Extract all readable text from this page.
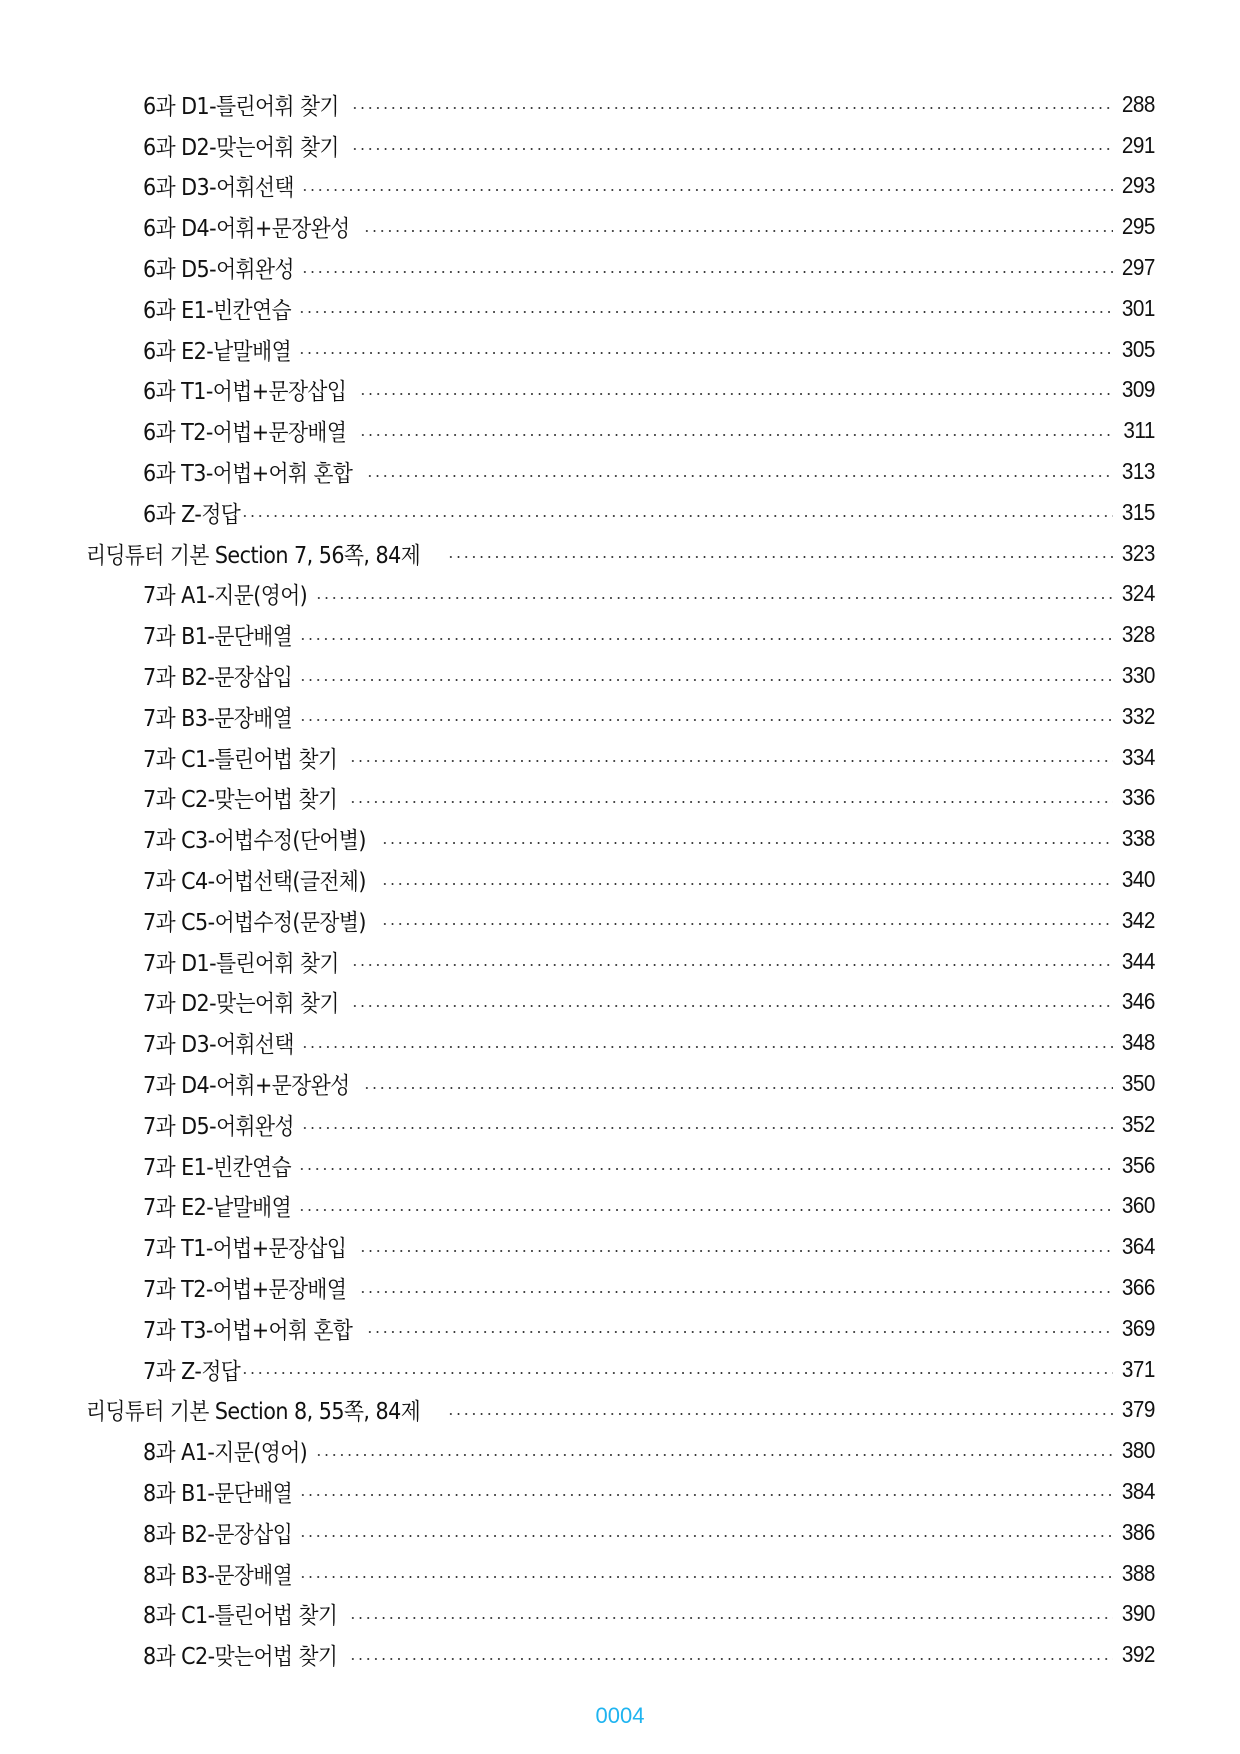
6과 D1-틀린어휘 찾기	288
6과 D2-맞는어휘 찾기	291
6과 D3-어휘선택	293
6과 D4-어휘+문장완성	295
6과 D5-어휘완성	297
6과 E1-빈칸연습	301
6과 E2-낱말배열	305
6과 T1-어법+문장삽입	309
6과 T2-어법+문장배열	311
6과 T3-어법+어휘 혼합	313
6과 Z-정답	315
리딩튜터 기본 Section 7, 56쪽, 84제	323
7과 A1-지문(영어)	324
7과 B1-문단배열	328
7과 B2-문장삽입	330
7과 B3-문장배열	332
7과 C1-틀린어법 찾기	334
7과 C2-맞는어법 찾기	336
7과 C3-어법수정(단어별)	338
7과 C4-어법선택(글전체)	340
7과 C5-어법수정(문장별)	342
7과 D1-틀린어휘 찾기	344
7과 D2-맞는어휘 찾기	346
7과 D3-어휘선택	348
7과 D4-어휘+문장완성	350
7과 D5-어휘완성	352
7과 E1-빈칸연습	356
7과 E2-낱말배열	360
7과 T1-어법+문장삽입	364
7과 T2-어법+문장배열	366
7과 T3-어법+어휘 혼합	369
7과 Z-정답	371
리딩튜터 기본 Section 8, 55쪽, 84제	379
8과 A1-지문(영어)	380
8과 B1-문단배열	384
8과 B2-문장삽입	386
8과 B3-문장배열	388
8과 C1-틀린어법 찾기	390
8과 C2-맞는어법 찾기	392
0004
